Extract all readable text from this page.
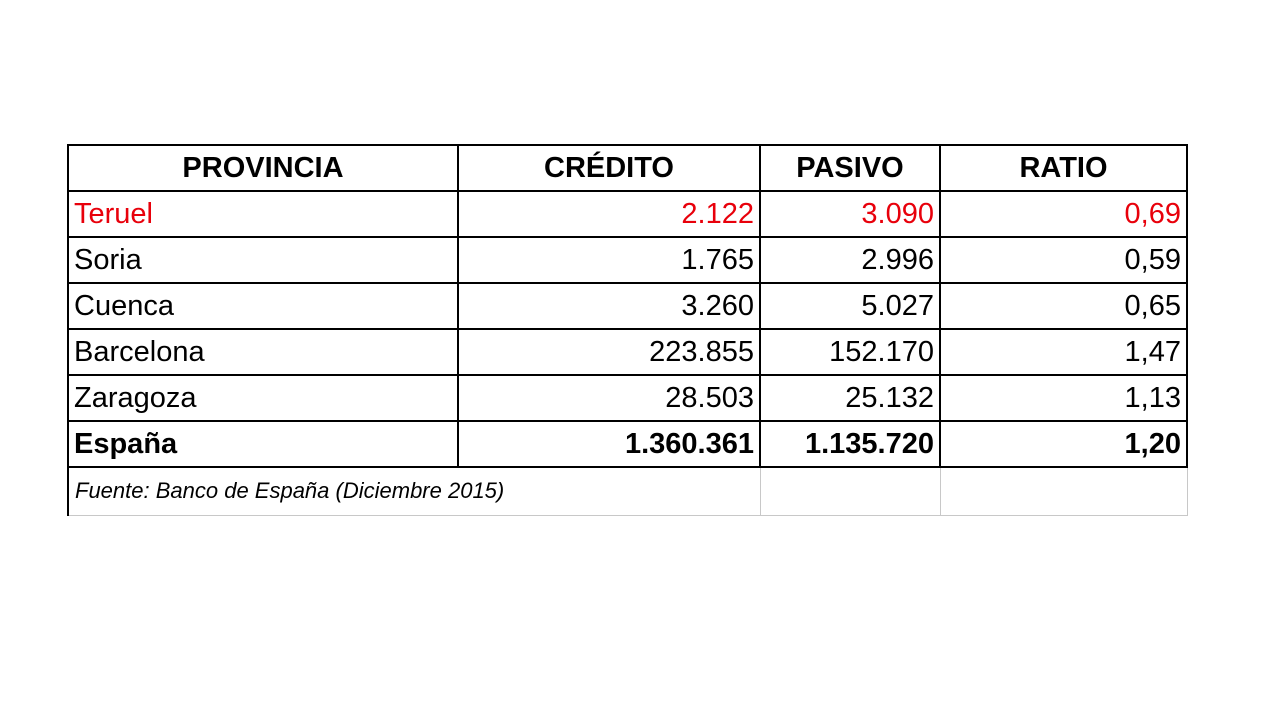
PROVINCIA	CRÉDITO	PASIVO	RATIO
Teruel	2.122	3.090	0,69
Soria	1.765	2.996	0,59
Cuenca	3.260	5.027	0,65
Barcelona	223.855	152.170	1,47
Zaragoza	28.503	25.132	1,13
España	1.360.361	1.135.720	1,20
Fuente: Banco de España (Diciembre 2015)			
